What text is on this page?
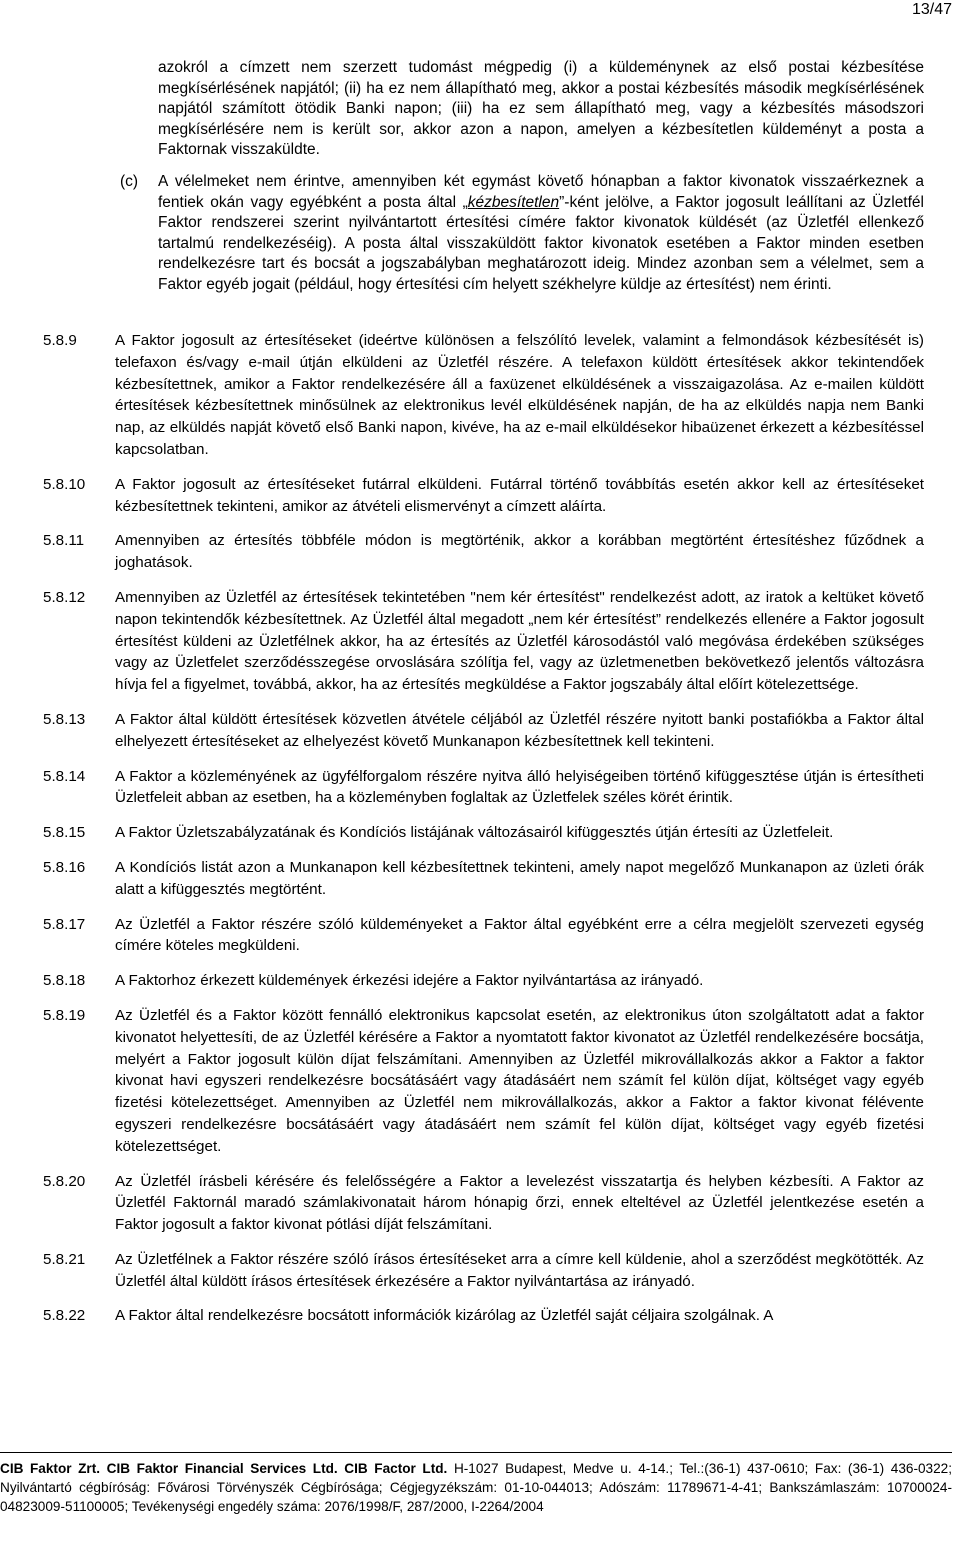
13/47
azokról a címzett nem szerzett tudomást mégpedig (i) a küldeménynek az első postai kézbesítése megkísérlésének napjától; (ii) ha ez nem állapítható meg, akkor a postai kézbesítés második megkísérlésének napjától számított ötödik Banki napon; (iii) ha ez sem állapítható meg, vagy a kézbesítés másodszori megkísérlésére nem is került sor, akkor azon a napon, amelyen a kézbesítetlen küldeményt a posta a Faktornak visszaküldte.
(c) A vélelmeket nem érintve, amennyiben két egymást követő hónapban a faktor kivonatok visszaérkeznek a fentiek okán vagy egyébként a posta által „kézbesítetlen”-ként jelölve, a Faktor jogosult leállítani az Üzletfél Faktor rendszerei szerint nyilvántartott értesítési címére faktor kivonatok küldését (az Üzletfél ellenkező tartalmú rendelkezéséig). A posta által visszaküldött faktor kivonatok esetében a Faktor minden esetben rendelkezésre tart és bocsát a jogszabályban meghatározott ideig. Mindez azonban sem a vélelmet, sem a Faktor egyéb jogait (például, hogy értesítési cím helyett székhelyre küldje az értesítést) nem érinti.
5.8.9	A Faktor jogosult az értesítéseket (ideértve különösen a felszólító levelek, valamint a felmondások kézbesítését is) telefaxon és/vagy e-mail útján elküldeni az Üzletfél részére. A telefaxon küldött értesítések akkor tekintendőek kézbesítettnek, amikor a Faktor rendelkezésére áll a faxüzenet elküldésének a visszaigazolása. Az e-mailen küldött értesítések kézbesítettnek minősülnek az elektronikus levél elküldésének napján, de ha az elküldés napja nem Banki nap, az elküldés napját követő első Banki napon, kivéve, ha az e-mail elküldésekor hibaüzenet érkezett a kézbesítéssel kapcsolatban.
5.8.10 A Faktor jogosult az értesítéseket futárral elküldeni. Futárral történő továbbítás esetén akkor kell az értesítéseket kézbesítettnek tekinteni, amikor az átvételi elismervényt a címzett aláírta.
5.8.11 Amennyiben az értesítés többféle módon is megtörténik, akkor a korábban megtörtént értesítéshez fűződnek a joghatások.
5.8.12 Amennyiben az Üzletfél az értesítések tekintetében "nem kér értesítést" rendelkezést adott, az iratok a keltüket követő napon tekintendők kézbesítettnek. Az Üzletfél által megadott „nem kér értesítést” rendelkezés ellenére a Faktor jogosult értesítést küldeni az Üzletfélnek akkor, ha az értesítés az Üzletfél károsodástól való megóvása érdekében szükséges vagy az Üzletfelet szerződésszegése orvoslására szólítja fel, vagy az üzletmenetben bekövetkező jelentős változásra hívja fel a figyelmet, továbbá, akkor, ha az értesítés megküldése a Faktor jogszabály által előírt kötelezettsége.
5.8.13 A Faktor által küldött értesítések közvetlen átvétele céljából az Üzletfél részére nyitott banki postafiókba a Faktor által elhelyezett értesítéseket az elhelyezést követő Munkanapon kézbesítettnek kell tekinteni.
5.8.14 A Faktor a közleményének az ügyfélforgalom részére nyitva álló helyiségeiben történő kifüggesztése útján is értesítheti Üzletfeleit abban az esetben, ha a közleményben foglaltak az Üzletfelek széles körét érintik.
5.8.15 A Faktor Üzletszabályzatának és Kondíciós listájának változásairól kifüggesztés útján értesíti az Üzletfeleit.
5.8.16 A Kondíciós listát azon a Munkanapon kell kézbesítettnek tekinteni, amely napot megelőző Munkanapon az üzleti órák alatt a kifüggesztés megtörtént.
5.8.17 Az Üzletfél a Faktor részére szóló küldeményeket a Faktor által egyébként erre a célra megjelölt szervezeti egység címére köteles megküldeni.
5.8.18 A Faktorhoz érkezett küldemények érkezési idejére a Faktor nyilvántartása az irányadó.
5.8.19 Az Üzletfél és a Faktor között fennálló elektronikus kapcsolat esetén, az elektronikus úton szolgáltatott adat a faktor kivonatot helyettesíti, de az Üzletfél kérésére a Faktor a nyomtatott faktor kivonatot az Üzletfél rendelkezésére bocsátja, melyért a Faktor jogosult külön díjat felszámítani. Amennyiben az Üzletfél mikrovállalkozás akkor a Faktor a faktor kivonat havi egyszeri rendelkezésre bocsátásáért vagy átadásáért nem számít fel külön díjat, költséget vagy egyéb fizetési kötelezettséget. Amennyiben az Üzletfél nem mikrovállalkozás, akkor a Faktor a faktor kivonat félévente egyszeri rendelkezésre bocsátásáért vagy átadásáért nem számít fel külön díjat, költséget vagy egyéb fizetési kötelezettséget.
5.8.20 Az Üzletfél írásbeli kérésére és felelősségére a Faktor a levelezést visszatartja és helyben kézbesíti. A Faktor az Üzletfél Faktornál maradó számlakivonatait három hónapig őrzi, ennek elteltével az Üzletfél jelentkezése esetén a Faktor jogosult a faktor kivonat pótlási díját felszámítani.
5.8.21 Az Üzletfélnek a Faktor részére szóló írásos értesítéseket arra a címre kell küldenie, ahol a szerződést megkötötték. Az Üzletfél által küldött írásos értesítések érkezésére a Faktor nyilvántartása az irányadó.
5.8.22 A Faktor által rendelkezésre bocsátott információk kizárólag az Üzletfél saját céljaira szolgálnak. A
CIB Faktor Zrt. CIB Faktor Financial Services Ltd. CIB Factor Ltd. H-1027 Budapest, Medve u. 4-14.; Tel.:(36-1) 437-0610; Fax: (36-1) 436-0322; Nyilvántartó cégbíróság: Fővárosi Törvényszék Cégbírósága; Cégjegyzékszám: 01-10-044013; Adószám: 11789671-4-41; Bankszámlaszám: 10700024-04823009-51100005; Tevékenységi engedély száma: 2076/1998/F, 287/2000, I-2264/2004
